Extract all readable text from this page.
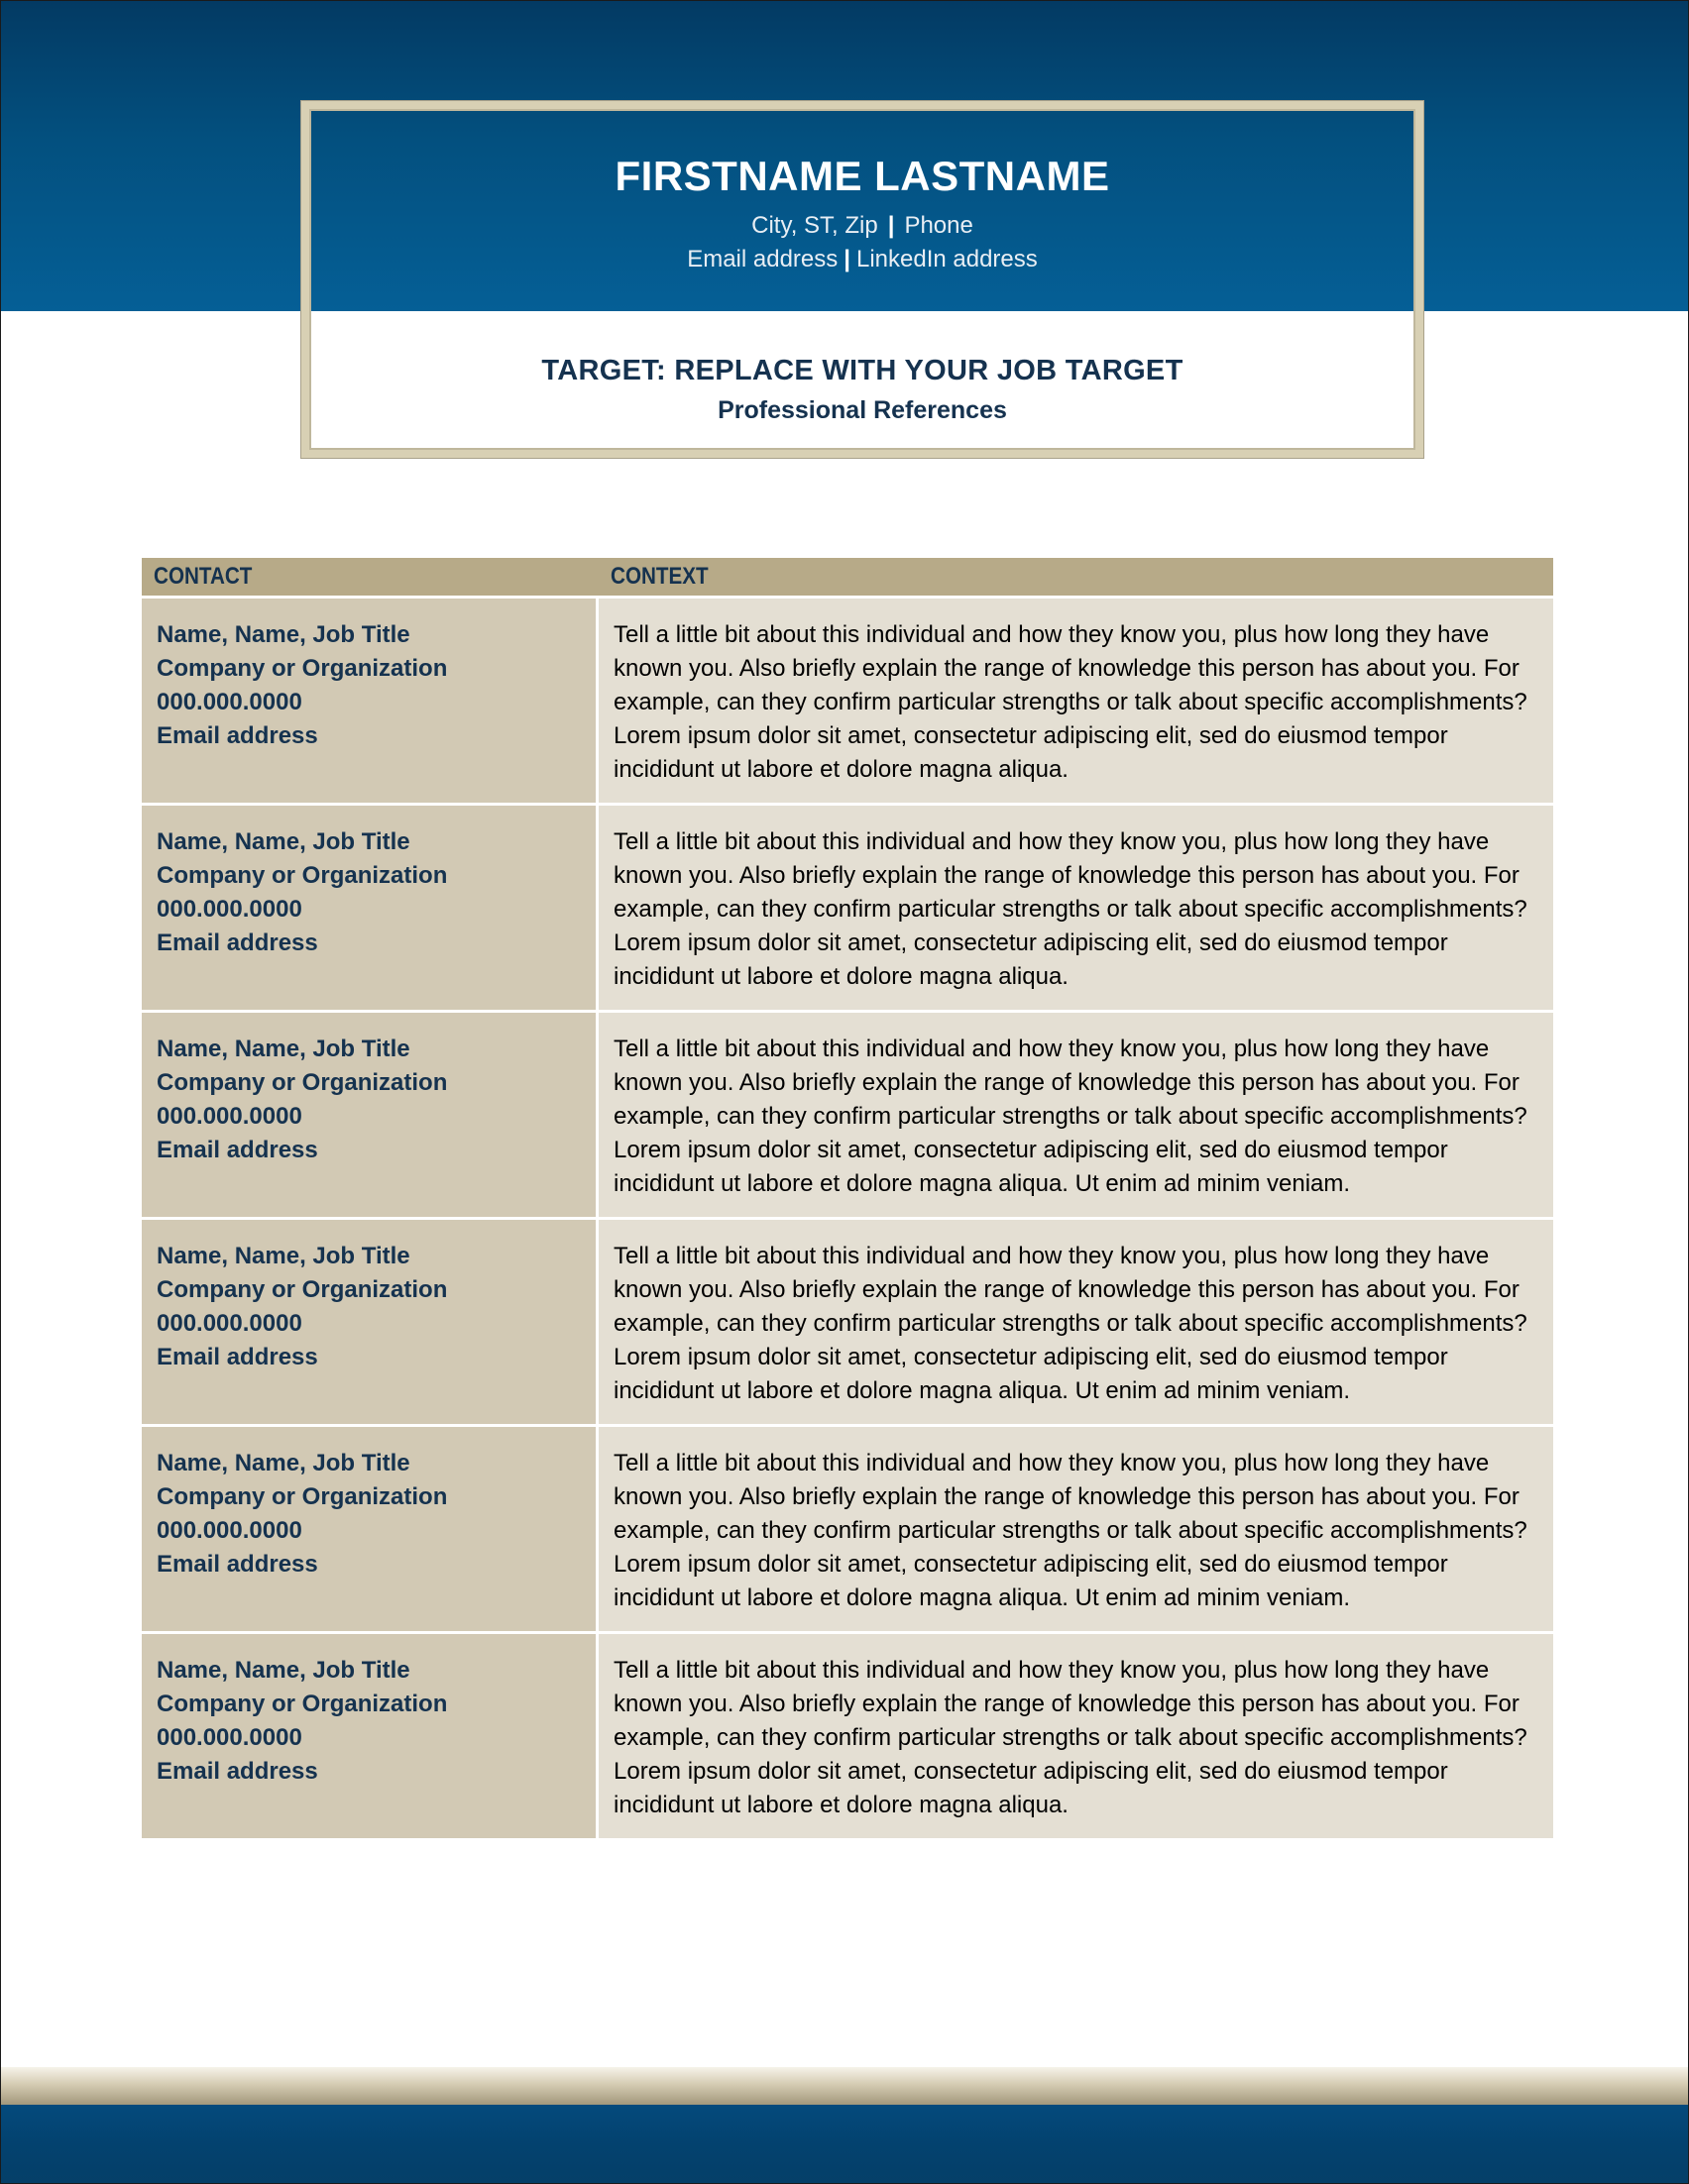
FIRSTNAME LASTNAME
City, ST, Zip | Phone
Email address | LinkedIn address
TARGET: REPLACE WITH YOUR JOB TARGET
Professional References
CONTACT	CONTEXT
Name, Name, Job Title
Company or Organization
000.000.0000
Email address
Tell a little bit about this individual and how they know you, plus how long they have known you. Also briefly explain the range of knowledge this person has about you. For example, can they confirm particular strengths or talk about specific accomplishments? Lorem ipsum dolor sit amet, consectetur adipiscing elit, sed do eiusmod tempor incididunt ut labore et dolore magna aliqua.
Name, Name, Job Title
Company or Organization
000.000.0000
Email address
Tell a little bit about this individual and how they know you, plus how long they have known you. Also briefly explain the range of knowledge this person has about you. For example, can they confirm particular strengths or talk about specific accomplishments? Lorem ipsum dolor sit amet, consectetur adipiscing elit, sed do eiusmod tempor incididunt ut labore et dolore magna aliqua.
Name, Name, Job Title
Company or Organization
000.000.0000
Email address
Tell a little bit about this individual and how they know you, plus how long they have known you. Also briefly explain the range of knowledge this person has about you. For example, can they confirm particular strengths or talk about specific accomplishments? Lorem ipsum dolor sit amet, consectetur adipiscing elit, sed do eiusmod tempor incididunt ut labore et dolore magna aliqua. Ut enim ad minim veniam.
Name, Name, Job Title
Company or Organization
000.000.0000
Email address
Tell a little bit about this individual and how they know you, plus how long they have known you. Also briefly explain the range of knowledge this person has about you. For example, can they confirm particular strengths or talk about specific accomplishments? Lorem ipsum dolor sit amet, consectetur adipiscing elit, sed do eiusmod tempor incididunt ut labore et dolore magna aliqua. Ut enim ad minim veniam.
Name, Name, Job Title
Company or Organization
000.000.0000
Email address
Tell a little bit about this individual and how they know you, plus how long they have known you. Also briefly explain the range of knowledge this person has about you. For example, can they confirm particular strengths or talk about specific accomplishments? Lorem ipsum dolor sit amet, consectetur adipiscing elit, sed do eiusmod tempor incididunt ut labore et dolore magna aliqua. Ut enim ad minim veniam.
Name, Name, Job Title
Company or Organization
000.000.0000
Email address
Tell a little bit about this individual and how they know you, plus how long they have known you. Also briefly explain the range of knowledge this person has about you. For example, can they confirm particular strengths or talk about specific accomplishments? Lorem ipsum dolor sit amet, consectetur adipiscing elit, sed do eiusmod tempor incididunt ut labore et dolore magna aliqua.
